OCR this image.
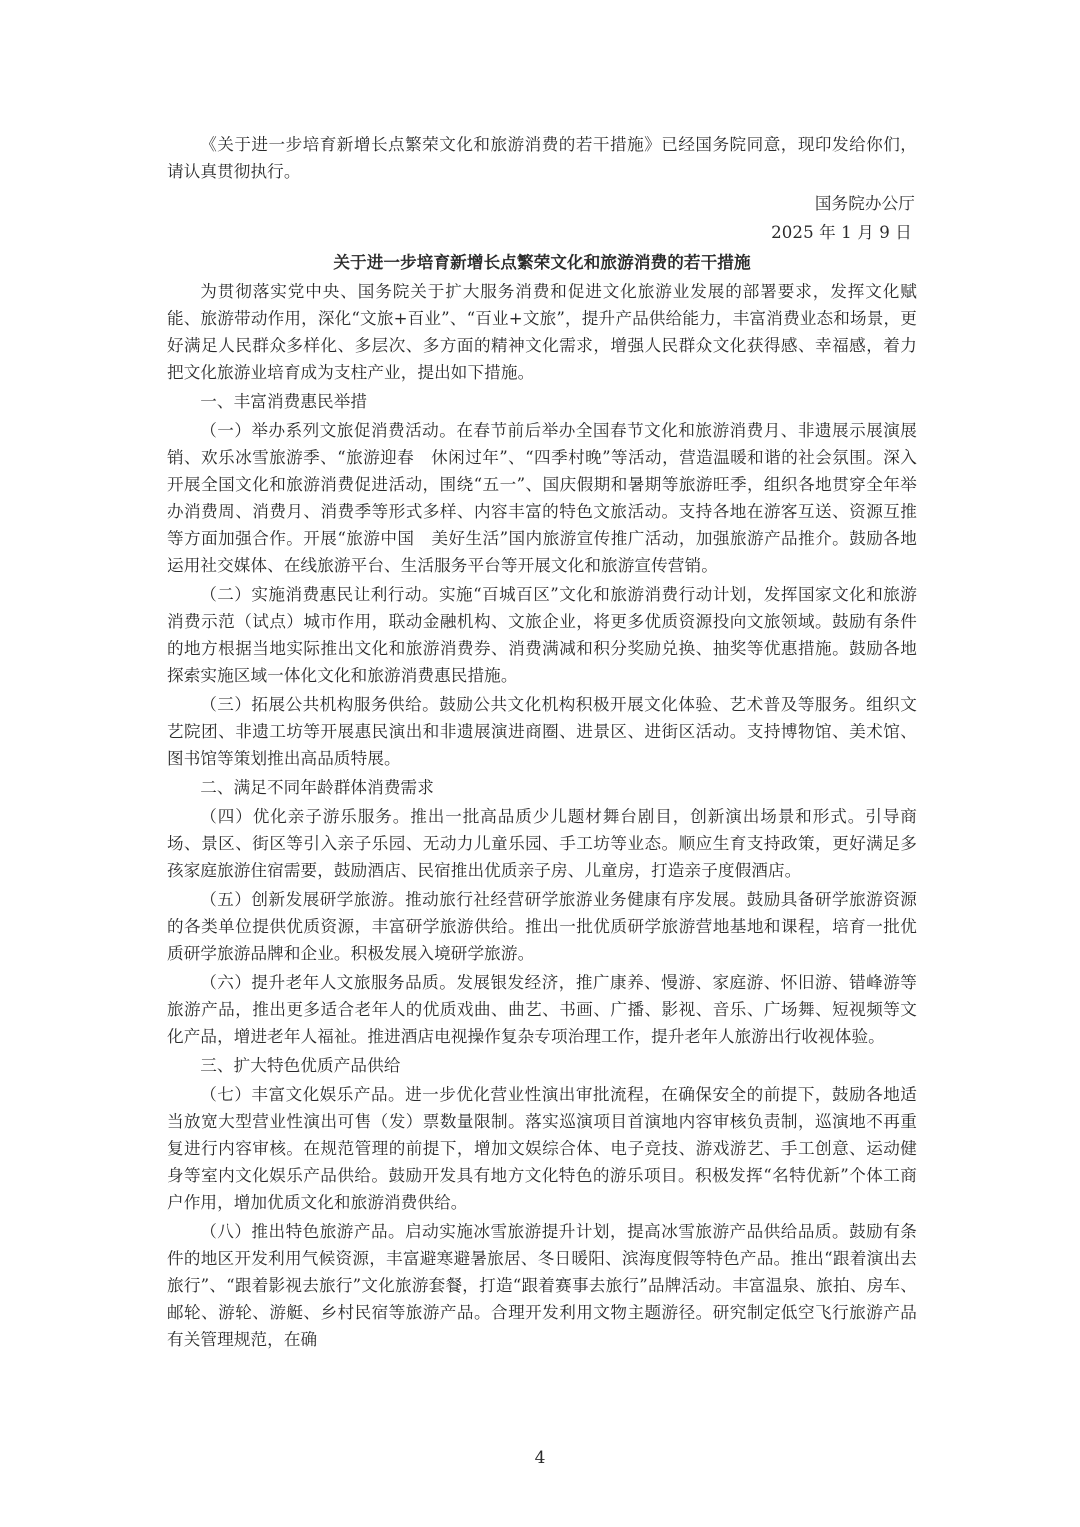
《关于进一步培育新增长点繁荣文化和旅游消费的若干措施》已经国务院同意，现印发给你们，请认真贯彻执行。

国务院办公厅

2025 年 1 月 9 日

关于进一步培育新增长点繁荣文化和旅游消费的若干措施

为贯彻落实党中央、国务院关于扩大服务消费和促进文化旅游业发展的部署要求，发挥文化赋能、旅游带动作用，深化“文旅+百业”、“百业+文旅”，提升产品供给能力，丰富消费业态和场景，更好满足人民群众多样化、多层次、多方面的精神文化需求，增强人民群众文化获得感、幸福感，着力把文化旅游业培育成为支柱产业，提出如下措施。

一、丰富消费惠民举措

（一）举办系列文旅促消费活动。在春节前后举办全国春节文化和旅游消费月、非遗展示展演展销、欢乐冰雪旅游季、“旅游迎春　休闲过年”、“四季村晚”等活动，营造温暖和谐的社会氛围。深入开展全国文化和旅游消费促进活动，围绕“五一”、国庆假期和暑期等旅游旺季，组织各地贯穿全年举办消费周、消费月、消费季等形式多样、内容丰富的特色文旅活动。支持各地在游客互送、资源互推等方面加强合作。开展“旅游中国　美好生活”国内旅游宣传推广活动，加强旅游产品推介。鼓励各地运用社交媒体、在线旅游平台、生活服务平台等开展文化和旅游宣传营销。

（二）实施消费惠民让利行动。实施“百城百区”文化和旅游消费行动计划，发挥国家文化和旅游消费示范（试点）城市作用，联动金融机构、文旅企业，将更多优质资源投向文旅领域。鼓励有条件的地方根据当地实际推出文化和旅游消费券、消费满减和积分奖励兑换、抽奖等优惠措施。鼓励各地探索实施区域一体化文化和旅游消费惠民措施。

（三）拓展公共机构服务供给。鼓励公共文化机构积极开展文化体验、艺术普及等服务。组织文艺院团、非遗工坊等开展惠民演出和非遗展演进商圈、进景区、进街区活动。支持博物馆、美术馆、图书馆等策划推出高品质特展。

二、满足不同年龄群体消费需求

（四）优化亲子游乐服务。推出一批高品质少儿题材舞台剧目，创新演出场景和形式。引导商场、景区、街区等引入亲子乐园、无动力儿童乐园、手工坊等业态。顺应生育支持政策，更好满足多孩家庭旅游住宿需要，鼓励酒店、民宿推出优质亲子房、儿童房，打造亲子度假酒店。

（五）创新发展研学旅游。推动旅行社经营研学旅游业务健康有序发展。鼓励具备研学旅游资源的各类单位提供优质资源，丰富研学旅游供给。推出一批优质研学旅游营地基地和课程，培育一批优质研学旅游品牌和企业。积极发展入境研学旅游。

（六）提升老年人文旅服务品质。发展银发经济，推广康养、慢游、家庭游、怀旧游、错峰游等旅游产品，推出更多适合老年人的优质戏曲、曲艺、书画、广播、影视、音乐、广场舞、短视频等文化产品，增进老年人福祉。推进酒店电视操作复杂专项治理工作，提升老年人旅游出行收视体验。

三、扩大特色优质产品供给

（七）丰富文化娱乐产品。进一步优化营业性演出审批流程，在确保安全的前提下，鼓励各地适当放宽大型营业性演出可售（发）票数量限制。落实巡演项目首演地内容审核负责制，巡演地不再重复进行内容审核。在规范管理的前提下，增加文娱综合体、电子竞技、游戏游艺、手工创意、运动健身等室内文化娱乐产品供给。鼓励开发具有地方文化特色的游乐项目。积极发挥“名特优新”个体工商户作用，增加优质文化和旅游消费供给。

（八）推出特色旅游产品。启动实施冰雪旅游提升计划，提高冰雪旅游产品供给品质。鼓励有条件的地区开发利用气候资源，丰富避寒避暑旅居、冬日暖阳、滨海度假等特色产品。推出“跟着演出去旅行”、“跟着影视去旅行”文化旅游套餐，打造“跟着赛事去旅行”品牌活动。丰富温泉、旅拍、房车、邮轮、游轮、游艇、乡村民宿等旅游产品。合理开发利用文物主题游径。研究制定低空飞行旅游产品有关管理规范，在确

4
